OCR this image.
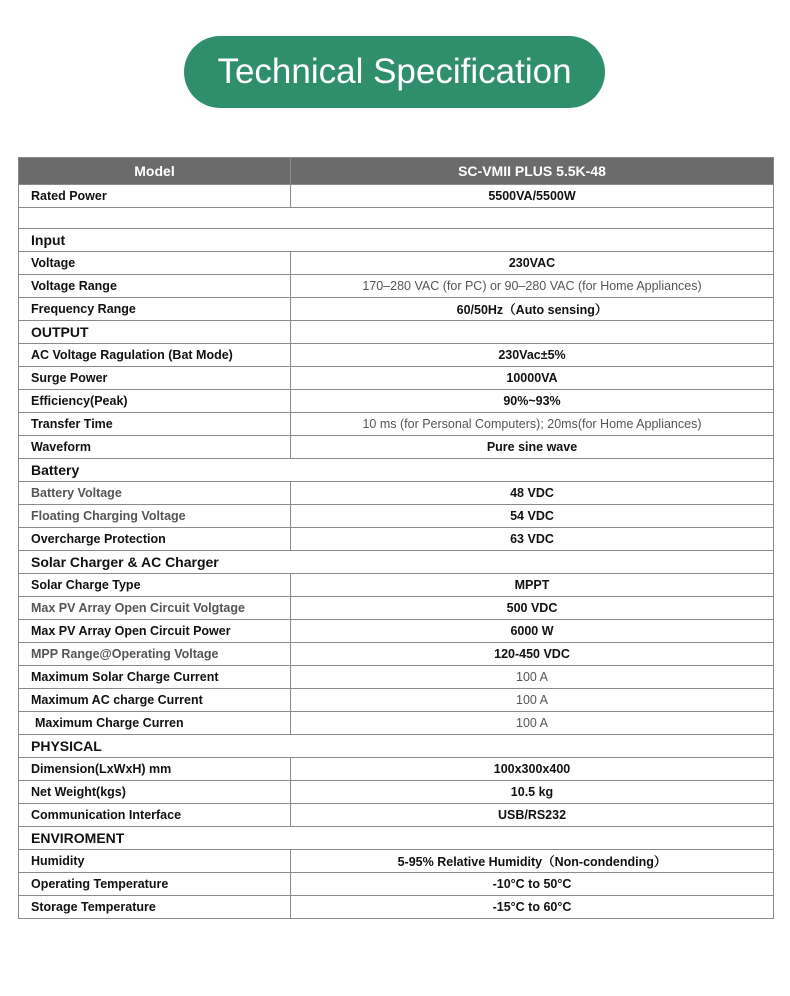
Technical Specification
Model	SC-VMII PLUS 5.5K-48
Rated Power	5500VA/5500W

Input	
Voltage	230VAC
Voltage Range	170–280 VAC (for PC) or 90–280 VAC (for Home Appliances)
Frequency Range	60/50Hz（Auto sensing）
OUTPUT	
AC Voltage Ragulation (Bat Mode)	230Vac±5%
Surge Power	10000VA
Efficiency(Peak)	90%~93%
Transfer Time	10 ms (for Personal Computers); 20ms(for Home Appliances)
Waveform	Pure sine wave
Battery	
Battery Voltage	48 VDC
Floating Charging Voltage	54 VDC
Overcharge Protection	63 VDC
Solar Charger & AC Charger	
Solar Charge Type	MPPT
Max PV Array Open Circuit Volgtage	500 VDC
Max PV Array Open Circuit Power	6000 W
MPP Range@Operating Voltage	120-450 VDC
Maximum Solar Charge Current	100 A
Maximum AC charge Current	100 A
Maximum Charge Curren	100 A
PHYSICAL	
Dimension(LxWxH) mm	100x300x400
Net Weight(kgs)	10.5 kg
Communication Interface	USB/RS232
ENVIROMENT	
Humidity	5-95% Relative Humidity（Non-condending）
Operating Temperature	-10°C to 50°C
Storage Temperature	-15°C to 60°C
